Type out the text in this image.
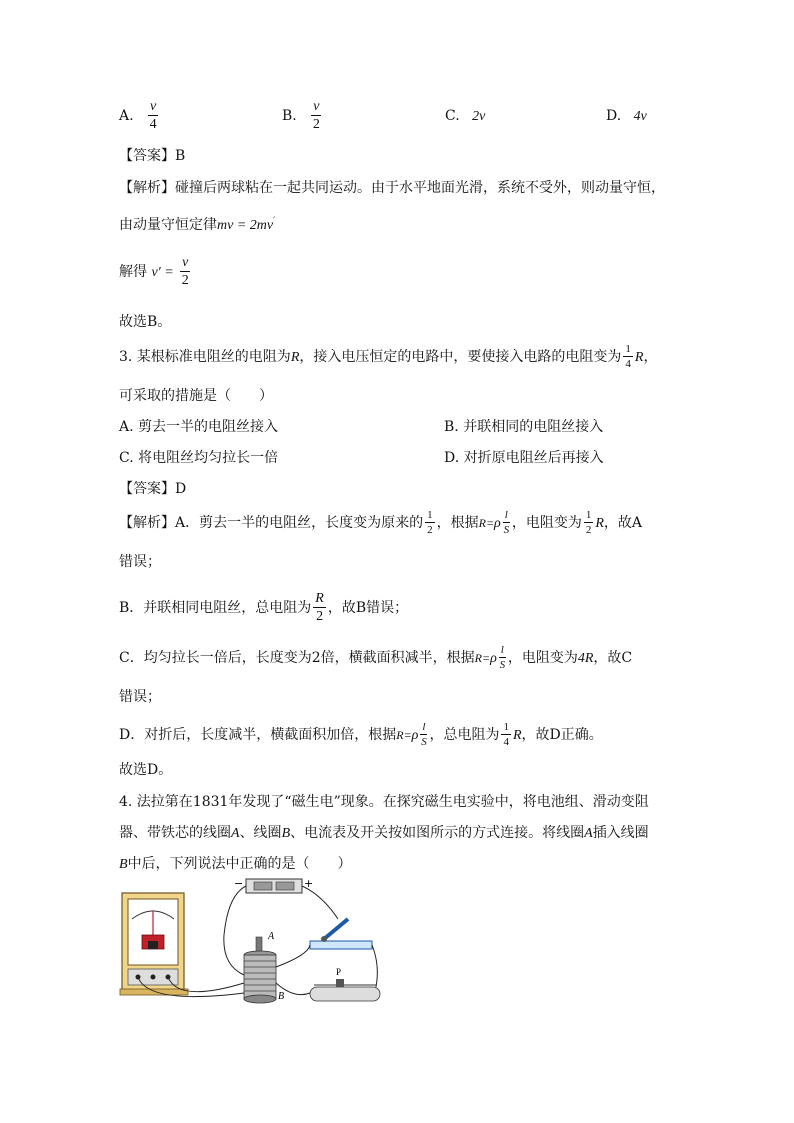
A. $\frac{v}{4}$	B. $\frac{v}{2}$	C. 2v	D. 4v
【答案】B
【解析】碰撞后两球粘在一起共同运动。由于水平地面光滑，系统不受外，则动量守恒，
由动量守恒定律mv = 2mv′
解得 $v' = \frac{v}{2}$
故选B。
3. 某根标准电阻丝的电阻为R，接入电压恒定的电路中，要使接入电路的电阻变为 $\frac{1}{4}$ R，
可采取的措施是（　　）
A. 剪去一半的电阻丝接入	B. 并联相同的电阻丝接入
C. 将电阻丝均匀拉长一倍	D. 对折原电阻丝后再接入
【答案】D
【解析】A．剪去一半的电阻丝，长度变为原来的 $\frac{1}{2}$ ，根据$R=\rho \frac{l}{S}$ ，电阻变为 $\frac{1}{2}$ R，故A
错误；
B．并联相同电阻丝，总电阻为 $\frac{R}{2}$ ，故B错误；
C．均匀拉长一倍后，长度变为2倍，横截面积减半，根据$R=\rho \frac{l}{S}$ ，电阻变为4R，故C
错误；
D．对折后，长度减半，横截面积加倍，根据$R=\rho \frac{l}{S}$ ，总电阻为 $\frac{1}{4}$ R，故D正确。
故选D。
4. 法拉第在1831年发现了“磁生电”现象。在探究磁生电实验中，将电池组、滑动变阻
器、带铁芯的线圈A、线圈B、电流表及开关按如图所示的方式连接。将线圈A插入线圈
B中后，下列说法中正确的是（　　）
−	+
A
B
P
